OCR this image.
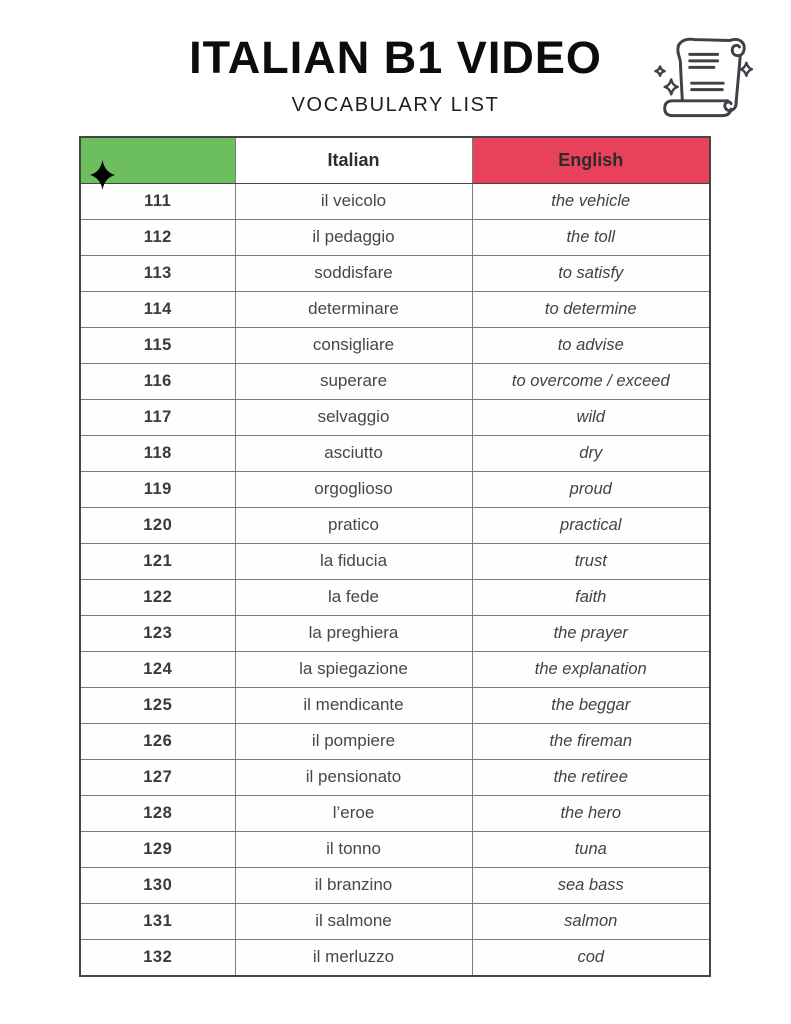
ITALIAN B1 VIDEO
VOCABULARY LIST
	Italian	English
111	il veicolo	the vehicle
112	il pedaggio	the toll
113	soddisfare	to satisfy
114	determinare	to determine
115	consigliare	to advise
116	superare	to overcome / exceed
117	selvaggio	wild
118	asciutto	dry
119	orgoglioso	proud
120	pratico	practical
121	la fiducia	trust
122	la fede	faith
123	la preghiera	the prayer
124	la spiegazione	the explanation
125	il mendicante	the beggar
126	il pompiere	the fireman
127	il pensionato	the retiree
128	l’eroe	the hero
129	il tonno	tuna
130	il branzino	sea bass
131	il salmone	salmon
132	il merluzzo	cod
